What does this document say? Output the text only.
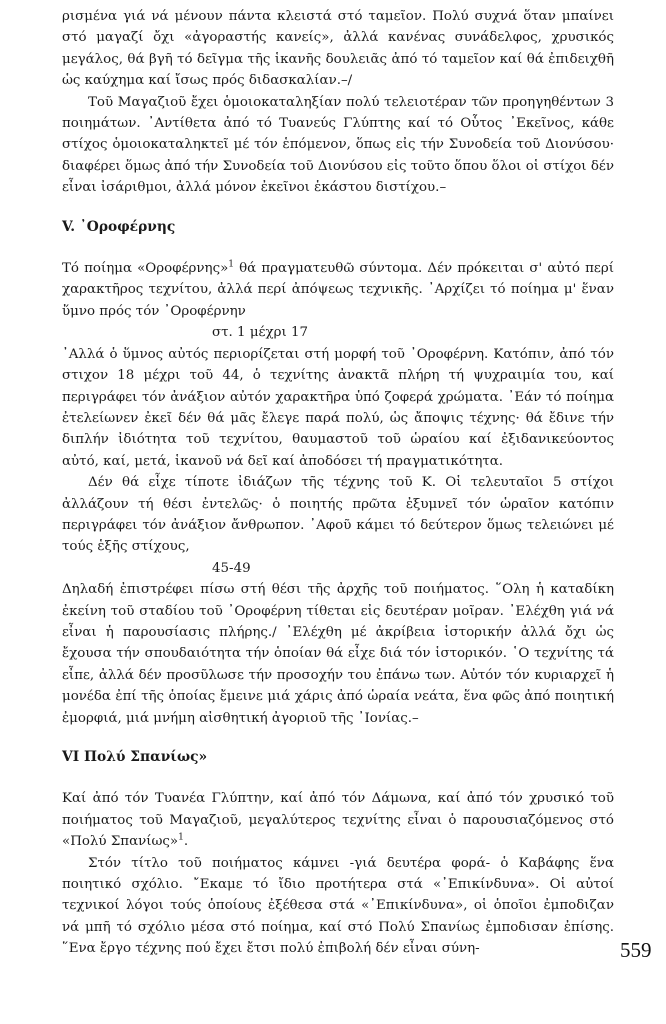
ρισμένα γιά νά μένουν πάντα κλειστά στό ταμεῖον. Πολύ συχνά ὅταν μπαίνει στό μαγαζί ὄχι «ἀγοραστής κανείς», ἀλλά κανένας συνάδελφος, χρυσικός μεγάλος, θά βγῆ τό δεῖγμα τῆς ἱκανῆς δουλειᾶς ἀπό τό ταμεῖον καί θά ἐπιδειχθῆ ὡς καύχημα καί ἴσως πρός διδασκαλίαν.–/

Τοῦ Μαγαζιοῦ ἔχει ὁμοιοκαταληξίαν πολύ τελειοτέραν τῶν προηγηθέντων 3 ποιημάτων. ᾿Αντίθετα ἀπό τό Τυανεύς Γλύπτης καί τό Οὗτος ᾿Εκεῖνος, κάθε στίχος ὁμοιοκαταληκτεῖ μέ τόν ἑπόμενον, ὅπως εἰς τήν Συνοδεία τοῦ Διονύσου· διαφέρει ὅμως ἀπό τήν Συνοδεία τοῦ Διονύσου εἰς τοῦτο ὅπου ὅλοι οἱ στίχοι δέν εἶναι ἰσάριθμοι, ἀλλά μόνον ἐκεῖνοι ἑκάστου διστίχου.–

V. ᾿Οροφέρνης

Τό ποίημα «Οροφέρνης»$^1$ θά πραγματευθῶ σύντομα. Δέν πρόκειται σ' αὐτό περί χαρακτῆρος τεχνίτου, ἀλλά περί ἀπόψεως τεχνικῆς. ᾿Αρχίζει τό ποίημα μ' ἕναν ὕμνο πρός τόν ᾿Οροφέρνην

στ. 1 μέχρι 17

᾿Αλλά ὁ ὕμνος αὐτός περιορίζεται στή μορφή τοῦ ᾿Οροφέρνη. Κατόπιν, ἀπό τόν στιχον 18 μέχρι τοῦ 44, ὁ τεχνίτης ἀνακτᾶ πλήρη τή ψυχραιμία του, καί περιγράφει τόν ἀνάξιον αὐτόν χαρακτῆρα ὑπό ζοφερά χρώματα. ᾿Εάν τό ποίημα ἐτελείωνεν ἐκεῖ δέν θά μᾶς ἔλεγε παρά πολύ, ὡς ἄποψις τέχνης· θά ἔδινε τήν διπλήν ἰδιότητα τοῦ τεχνίτου, θαυμαστοῦ τοῦ ὡραίου καί ἐξιδανικεύοντος αὐτό, καί, μετά, ἱκανοῦ νά δεῖ καί ἀποδόσει τή πραγματικότητα.

Δέν θά εἶχε τίποτε ἰδιάζων τῆς τέχνης τοῦ Κ. Οἱ τελευταῖοι 5 στίχοι ἀλλάζουν τή θέσι ἐντελῶς· ὁ ποιητής πρῶτα ἐξυμνεῖ τόν ὡραῖον κατόπιν περιγράφει τόν ἀνάξιον ἄνθρωπον. ᾿Αφοῦ κάμει τό δεύτερον ὅμως τελειώνει μέ τούς ἑξῆς στίχους,

45-49

Δηλαδή ἐπιστρέφει πίσω στή θέσι τῆς ἀρχῆς τοῦ ποιήματος. ῞Ολη ἡ καταδίκη ἐκείνη τοῦ σταδίου τοῦ ᾿Οροφέρνη τίθεται εἰς δευτέραν μοῖραν. ᾿Ελέχθη γιά νά εἶναι ἡ παρουσίασις πλήρης./ ᾿Ελέχθη μέ ἀκρίβεια ἱστορικήν ἀλλά ὄχι ὡς ἔχουσα τήν σπουδαιότητα τήν ὁποίαν θά εἶχε διά τόν ἱστορικόν. ῾Ο τεχνίτης τά εἶπε, ἀλλά δέν προσῦλωσε τήν προσοχήν του ἐπάνω των. Αὐτόν τόν κυριαρχεῖ ἡ μονέδα ἐπί τῆς ὁποίας ἔμεινε μιά χάρις ἀπό ὡραία νεάτα, ἕνα φῶς ἀπό ποιητική ἐμορφιά, μιά μνήμη αἰσθητική ἀγοριοῦ τῆς ᾿Ιονίας.–

VI Πολύ Σπανίως»

Καί ἀπό τόν Τυανέα Γλύπτην, καί ἀπό τόν Δάμωνα, καί ἀπό τόν χρυσικό τοῦ ποιήματος τοῦ Μαγαζιοῦ, μεγαλύτερος τεχνίτης εἶναι ὁ παρουσιαζόμενος στό «Πολύ Σπανίως»$^1$.

Στόν τίτλο τοῦ ποιήματος κάμνει -γιά δευτέρα φορά- ὁ Καβάφης ἕνα ποιητικό σχόλιο. ῎Εκαμε τό ἴδιο προτήτερα στά «᾿Επικίνδυνα». Οἱ αὐτοί τεχνικοί λόγοι τούς ὁποίους ἐξέθεσα στά «᾿Επικίνδυνα», οἱ ὁποῖοι ἐμποδιζαν νά μπῆ τό σχόλιο μέσα στό ποίημα, καί στό Πολύ Σπανίως ἐμποδισαν ἐπίσης. ῞Ενα ἔργο τέχνης πού ἔχει ἔτσι πολύ ἐπιβολή δέν εἶναι σύνη-	559
